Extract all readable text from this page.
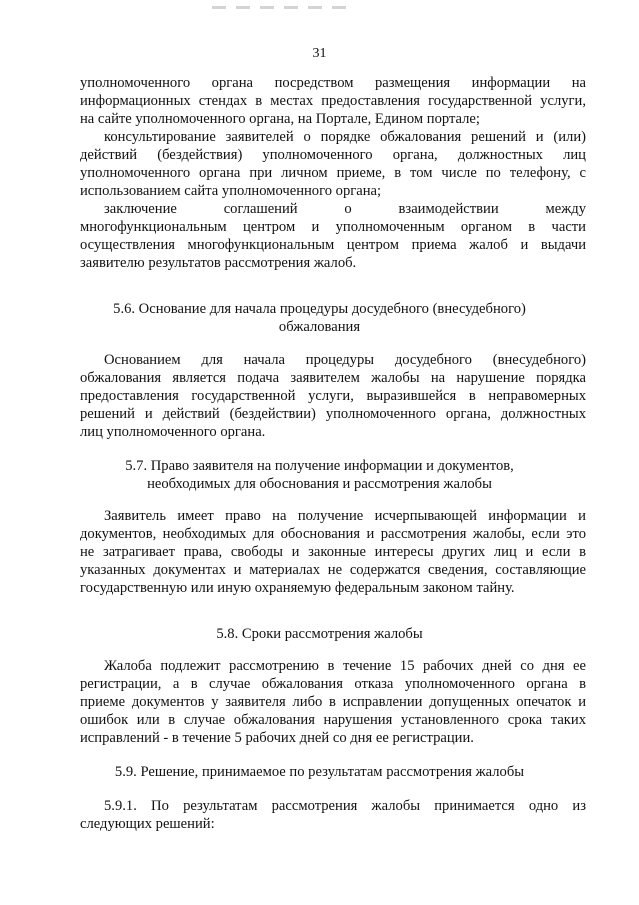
31
уполномоченного органа посредством размещения информации на
информационных стендах в местах предоставления государственной услуги,
на сайте уполномоченного органа, на Портале, Едином портале;
консультирование заявителей о порядке обжалования решений и (или)
действий (бездействия) уполномоченного органа, должностных лиц
уполномоченного органа при личном приеме, в том числе по телефону, с
использованием сайта уполномоченного органа;
заключение соглашений о взаимодействии между
многофункциональным центром и уполномоченным органом в части
осуществления многофункциональным центром приема жалоб и выдачи
заявителю результатов рассмотрения жалоб.
5.6. Основание для начала процедуры досудебного (внесудебного)
обжалования
Основанием для начала процедуры досудебного (внесудебного)
обжалования является подача заявителем жалобы на нарушение порядка
предоставления государственной услуги, выразившейся в неправомерных
решений и действий (бездействии) уполномоченного органа, должностных
лиц уполномоченного органа.
5.7. Право заявителя на получение информации и документов,
необходимых для обоснования и рассмотрения жалобы
Заявитель имеет право на получение исчерпывающей информации и
документов, необходимых для обоснования и рассмотрения жалобы, если это
не затрагивает права, свободы и законные интересы других лиц и если в
указанных документах и материалах не содержатся сведения, составляющие
государственную или иную охраняемую федеральным законом тайну.
5.8. Сроки рассмотрения жалобы
Жалоба подлежит рассмотрению в течение 15 рабочих дней со дня ее
регистрации, а в случае обжалования отказа уполномоченного органа в
приеме документов у заявителя либо в исправлении допущенных опечаток и
ошибок или в случае обжалования нарушения установленного срока таких
исправлений - в течение 5 рабочих дней со дня ее регистрации.
5.9. Решение, принимаемое по результатам рассмотрения жалобы
5.9.1. По результатам рассмотрения жалобы принимается одно из
следующих решений:
